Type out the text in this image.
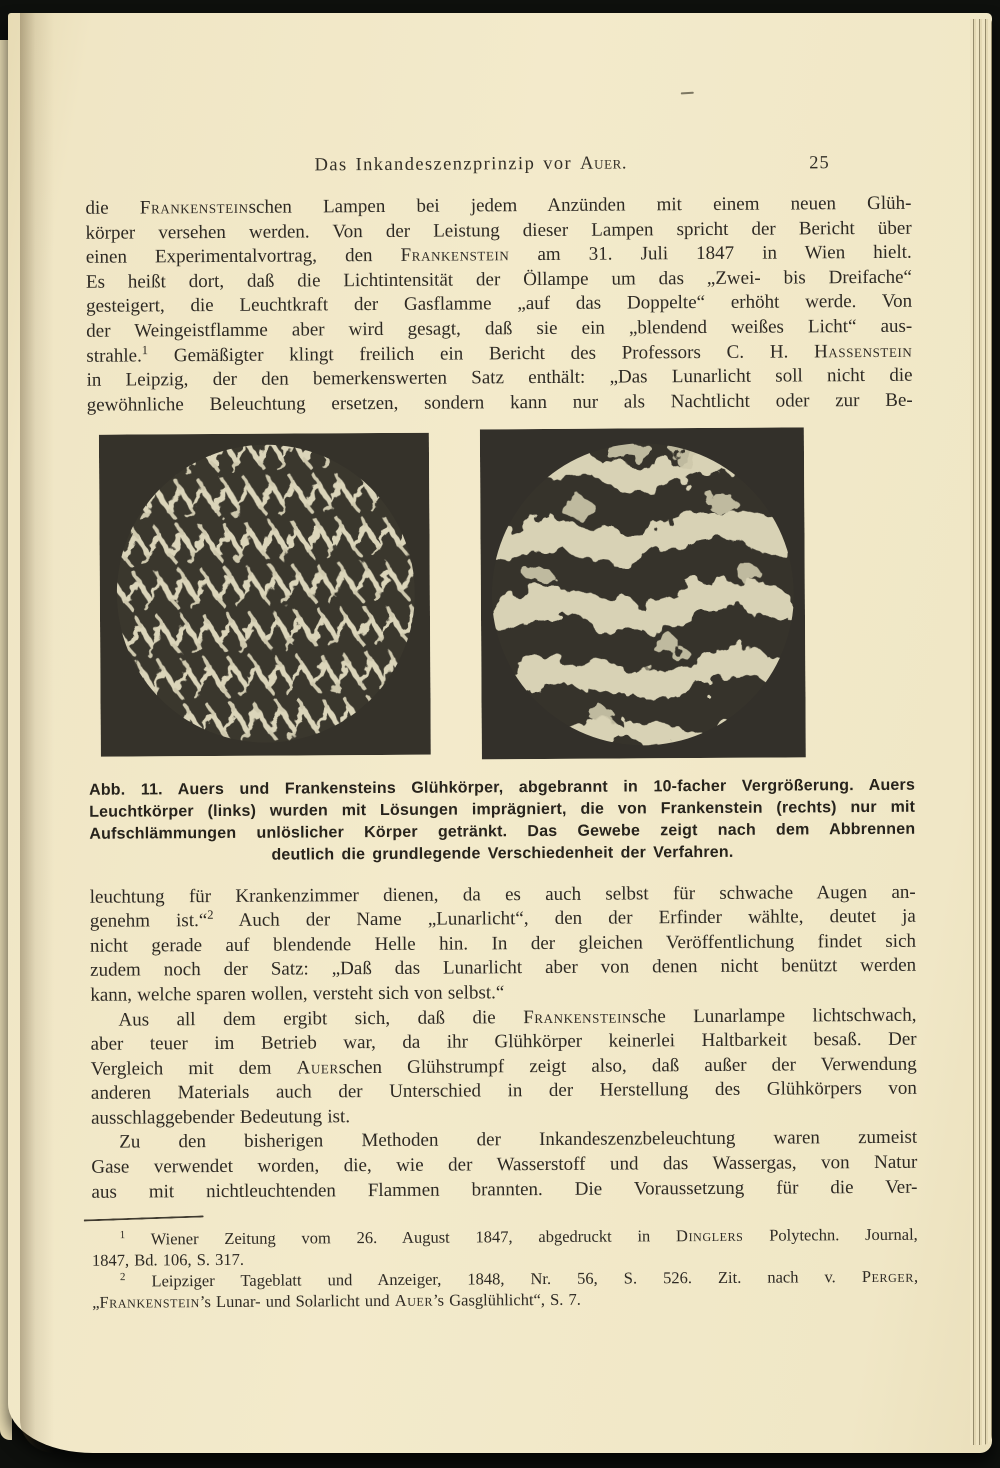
Das Inkandeszenzprinzip vor Auer.	25
die Frankensteinschen Lampen bei jedem Anzünden mit einem neuen Glüh-
körper versehen werden. Von der Leistung dieser Lampen spricht der Bericht über
einen Experimentalvortrag, den Frankenstein am 31. Juli 1847 in Wien hielt.
Es heißt dort, daß die Lichtintensität der Öllampe um das „Zwei- bis Dreifache“
gesteigert, die Leuchtkraft der Gasflamme „auf das Doppelte“ erhöht werde. Von
der Weingeistflamme aber wird gesagt, daß sie ein „blendend weißes Licht“ aus-
strahle.$^1$ Gemäßigter klingt freilich ein Bericht des Professors C. H. Hassenstein
in Leipzig, der den bemerkenswerten Satz enthält: „Das Lunarlicht soll nicht die
gewöhnliche Beleuchtung ersetzen, sondern kann nur als Nachtlicht oder zur Be-
Abb. 11. Auers und Frankensteins Glühkörper, abgebrannt in 10-facher Vergrößerung. Auers
Leuchtkörper (links) wurden mit Lösungen imprägniert, die von Frankenstein (rechts) nur mit
Aufschlämmungen unlöslicher Körper getränkt. Das Gewebe zeigt nach dem Abbrennen
deutlich die grundlegende Verschiedenheit der Verfahren.
leuchtung für Krankenzimmer dienen, da es auch selbst für schwache Augen an-
genehm ist.“$^2$ Auch der Name „Lunarlicht“, den der Erfinder wählte, deutet ja
nicht gerade auf blendende Helle hin. In der gleichen Veröffentlichung findet sich
zudem noch der Satz: „Daß das Lunarlicht aber von denen nicht benützt werden
kann, welche sparen wollen, versteht sich von selbst.“
Aus all dem ergibt sich, daß die Frankensteinsche Lunarlampe lichtschwach,
aber teuer im Betrieb war, da ihr Glühkörper keinerlei Haltbarkeit besaß. Der
Vergleich mit dem Auerschen Glühstrumpf zeigt also, daß außer der Verwendung
anderen Materials auch der Unterschied in der Herstellung des Glühkörpers von
ausschlaggebender Bedeutung ist.
Zu den bisherigen Methoden der Inkandeszenzbeleuchtung waren zumeist
Gase verwendet worden, die, wie der Wasserstoff und das Wassergas, von Natur
aus mit nichtleuchtenden Flammen brannten. Die Voraussetzung für die Ver-
$^1$ Wiener Zeitung vom 26. August 1847, abgedruckt in Dinglers Polytechn. Journal,
1847, Bd. 106, S. 317.
$^2$ Leipziger Tageblatt und Anzeiger, 1848, Nr. 56, S. 526. Zit. nach v. Perger,
„Frankenstein’s Lunar- und Solarlicht und Auer’s Gasglühlicht“, S. 7.
